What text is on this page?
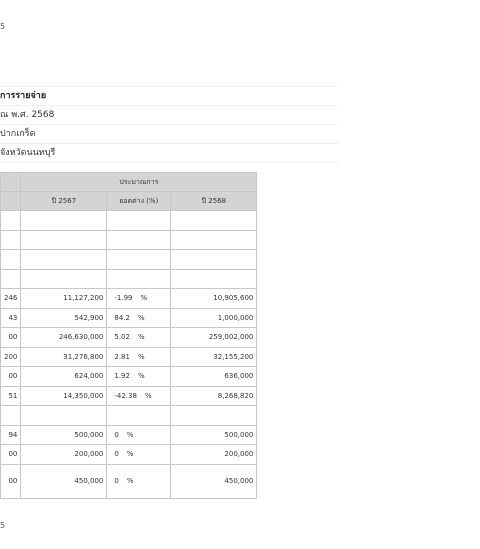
5
การรายจ่าย
ณ พ.ศ. 2568
ปากเกร็ด
จังหวัดนนทบุรี
	ประมาณการ		
	ปี 2567	ยอดต่าง (%)	ปี 2568

246	11,127,200	-1.99 %	10,905,600
43	542,900	84.2 %	1,000,000
00	246,630,000	5.02 %	259,002,000
200	31,276,800	2.81 %	32,155,200
00	624,000	1.92 %	636,000
51	14,350,000	-42.38 %	8,268,820

94	500,000	0 %	500,000
00	200,000	0 %	200,000
00	450,000	0 %	450,000
5
